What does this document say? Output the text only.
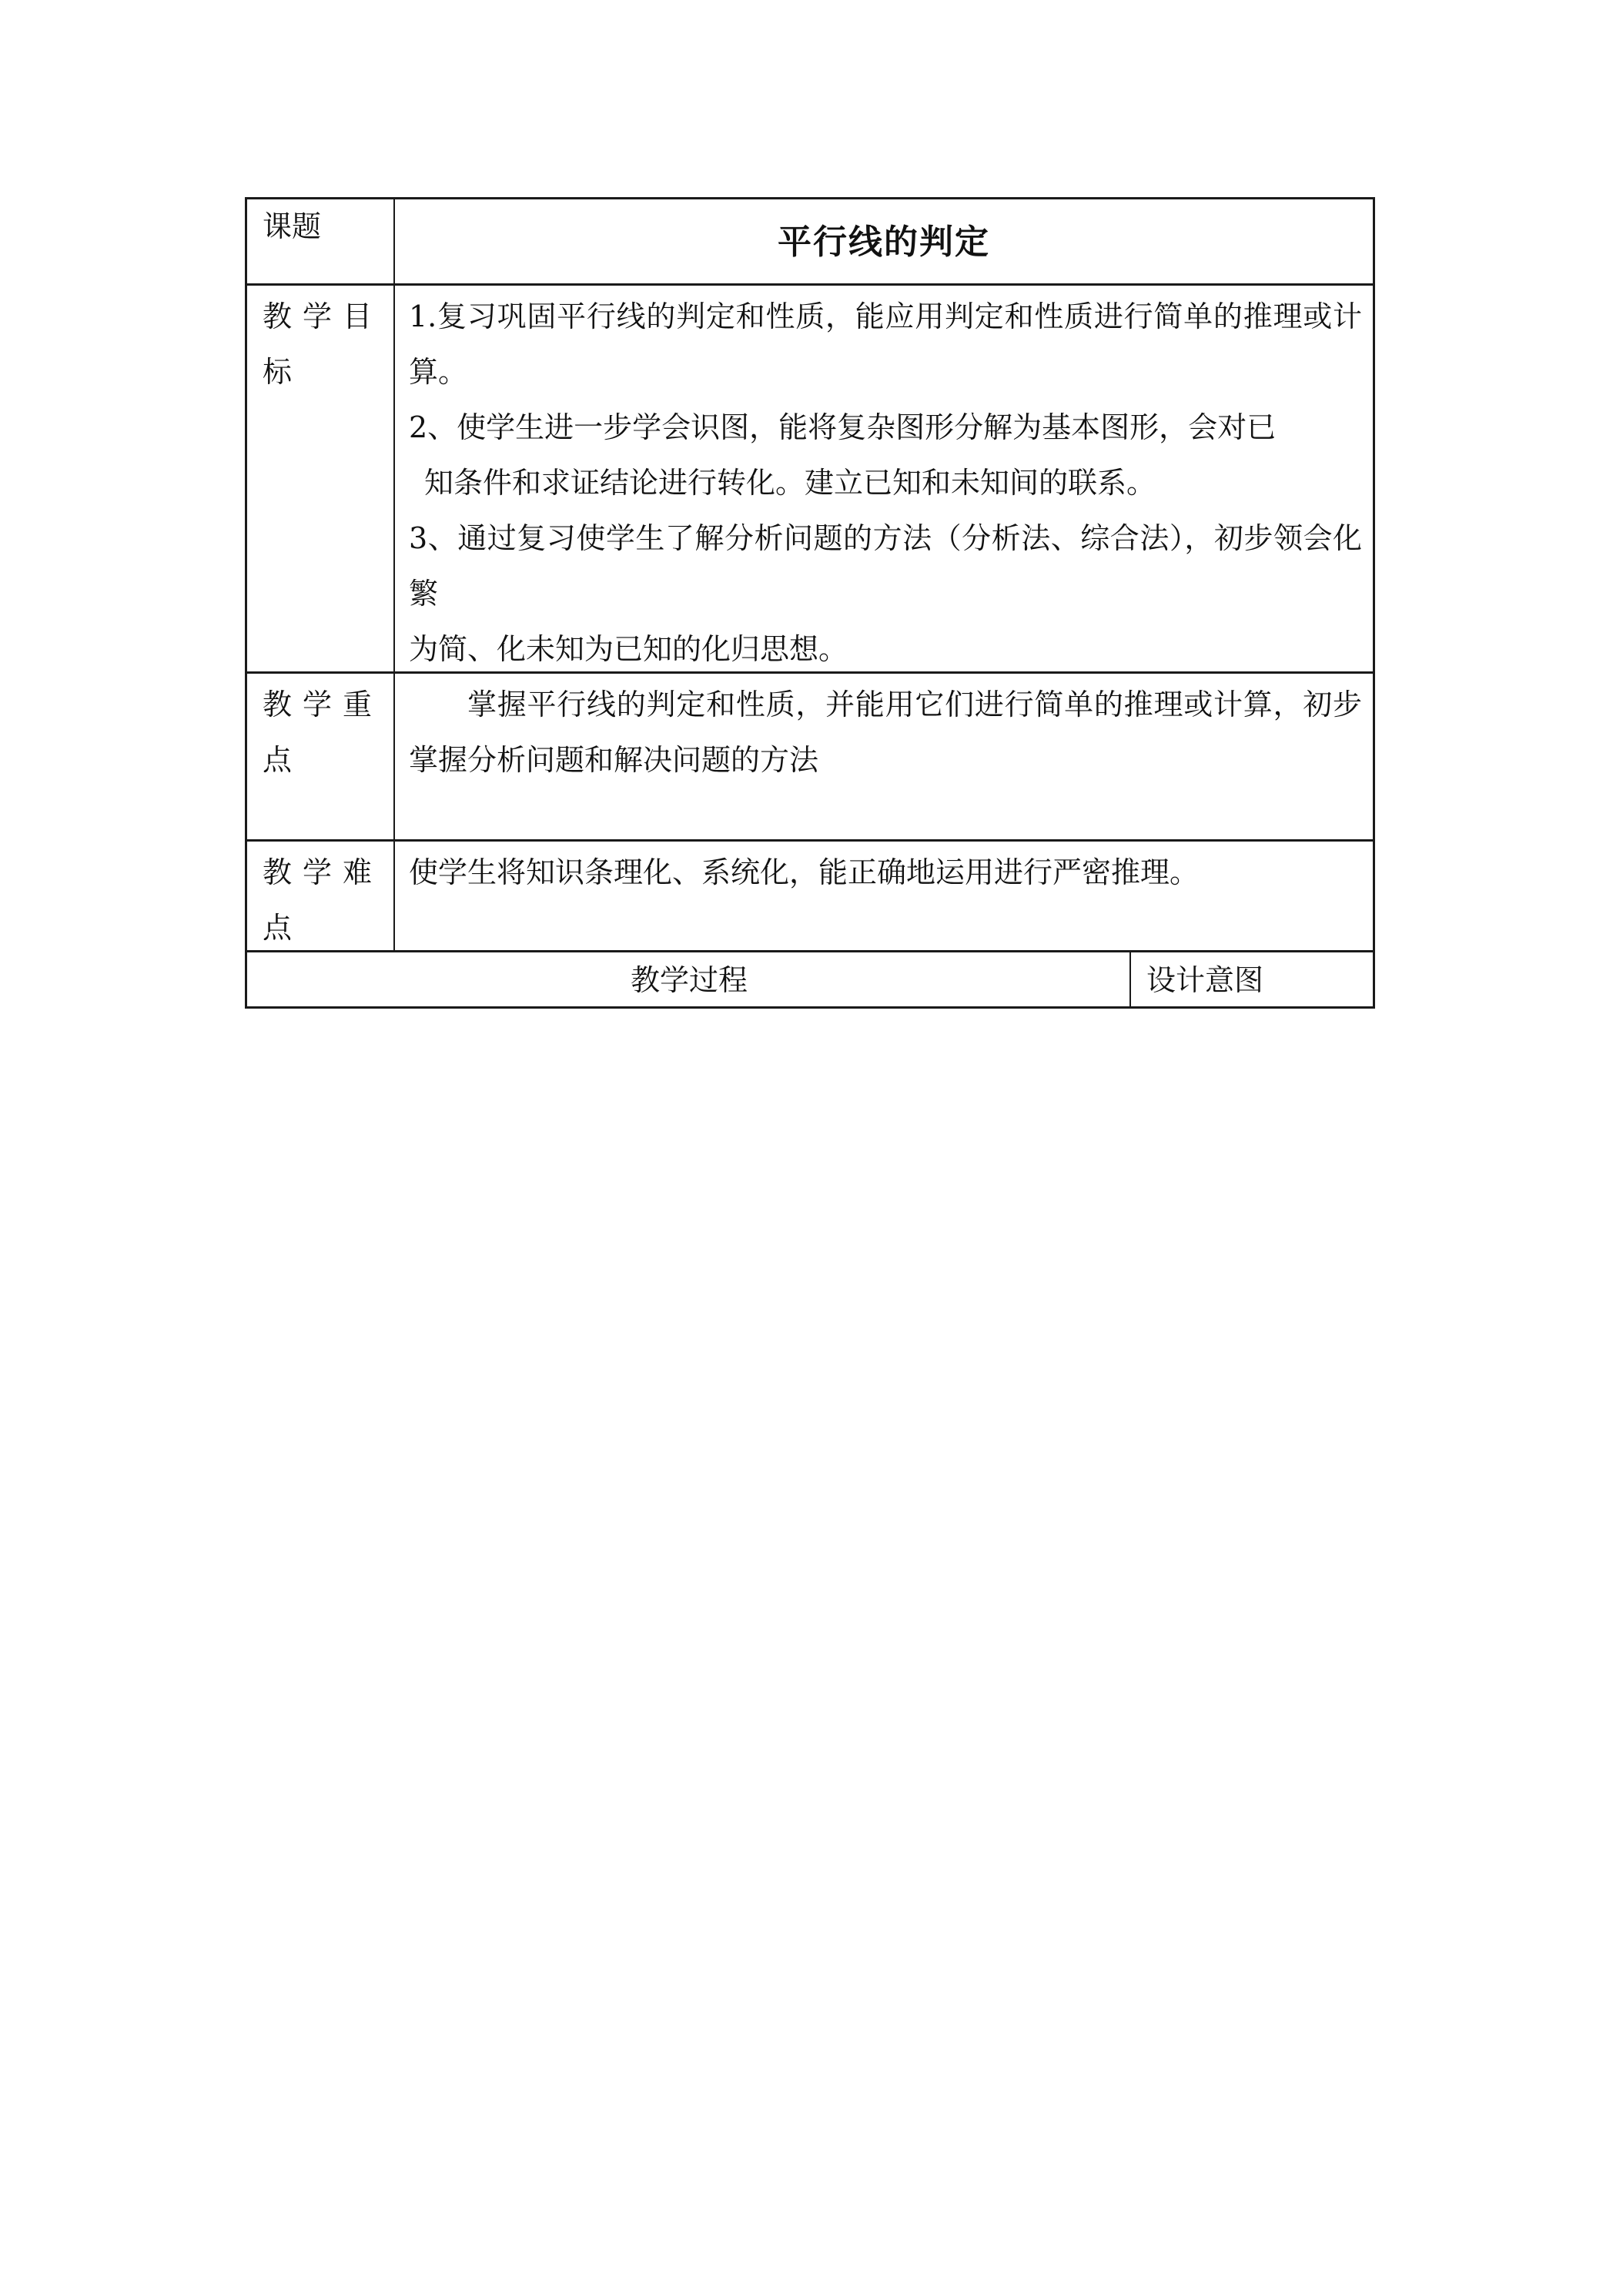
课题	平行线的判定
教学目标
1.复习巩固平行线的判定和性质，能应用判定和性质进行简单的推理或计算。
2、使学生进一步学会识图，能将复杂图形分解为基本图形，会对已
知条件和求证结论进行转化。建立已知和未知间的联系。
3、通过复习使学生了解分析问题的方法（分析法、综合法），初步领会化繁
为简、化未知为已知的化归思想。
教学重点
掌握平行线的判定和性质，并能用它们进行简单的推理或计算，初步掌握分析问题和解决问题的方法
教学难点
使学生将知识条理化、系统化，能正确地运用进行严密推理。
教学过程	设计意图
